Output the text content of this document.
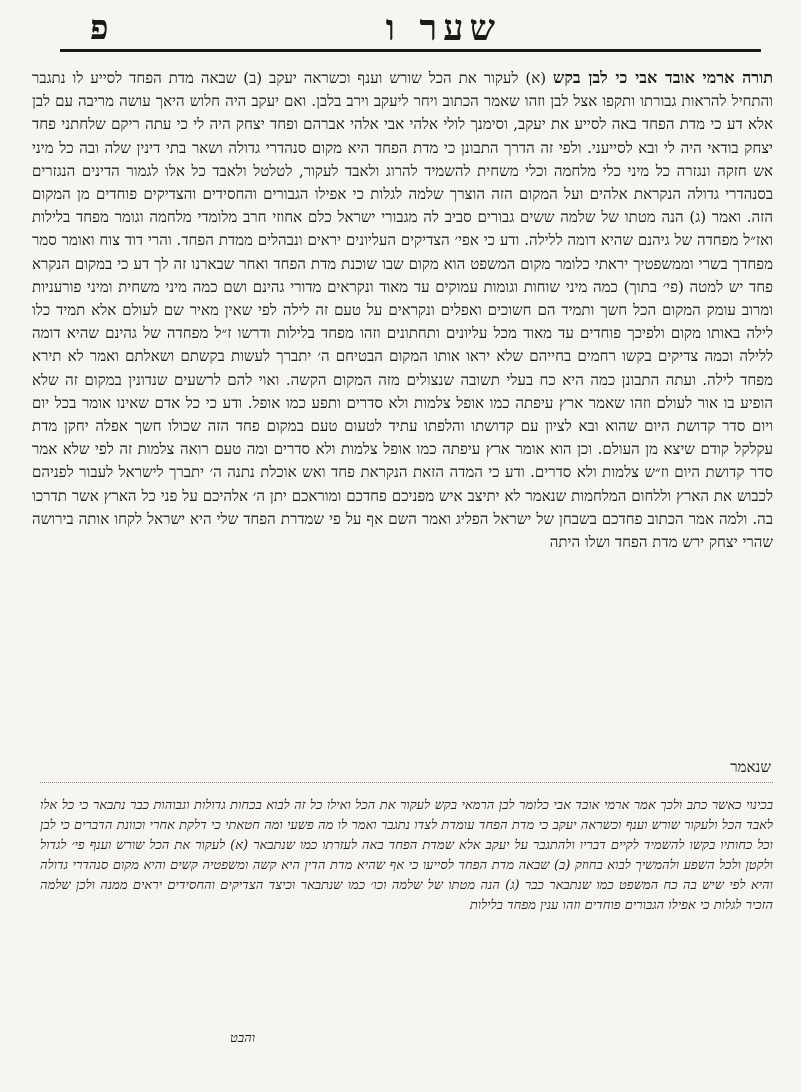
שער ו
פ

תורה ארמי אובד אבי כי לבן בקש (א) לעקור את הכל שורש וענף וכשראה יעקב (ב) שבאה מדת הפחד לסייע לו נתגבר והתחיל להראות גבורתו ותקפו אצל לבן וזהו שאמר הכתוב ויחר ליעקב וירב בלבן. ואם יעקב היה חלוש היאך עושה מריבה עם לבן אלא דע כי מדת הפחד באה לסייע את יעקב, וסימנך לולי אלהי אבי אלהי אברהם ופחד יצחק היה לי כי עתה ריקם שלחתני פחד יצחק בודאי היה לי ובא לסייעני. ולפי זה הדרך התבונן כי מדת הפחד היא מקום סנהדרי גדולה ושאר בתי דינין שלה ובה כל מיני אש חזקה ונגזרה כל מיני כלי מלחמה וכלי משחית להשמיד להרוג ולאבד לעקור, לטלטל ולאבד כל אלו לגמור הדינים הנגזרים בסנהדרי גדולה הנקראת אלהים ועל המקום הזה הוצרך שלמה לגלות כי אפילו הגבורים והחסידים והצדיקים פוחדים מן המקום הזה. ואמר (ג) הנה מטתו של שלמה ששים גבורים סביב לה מגבורי ישראל כלם אחוזי חרב מלומדי מלחמה וגומר מפחד בלילות ואז״ל מפחדה של גיהנם שהיא דומה ללילה. ודע כי אפי׳ הצדיקים העליונים יראים ונבהלים ממדת הפחד. והרי דוד צוח ואומר סמר מפחדך בשרי וממשפטיך יראתי כלומר מקום המשפט הוא מקום שבו שוכנת מדת הפחד ואחר שבארנו זה לך דע כי במקום הנקרא פחד יש למטה (פי׳ בתוך) כמה מיני שוחות וגומות עמוקים עד מאוד ונקראים מדורי גהינם ושם כמה מיני משחית ומיני פורעניות ומרוב עומק המקום הכל חשך ותמיד הם חשוכים ואפלים ונקראים על טעם זה לילה לפי שאין מאיר שם לעולם אלא תמיד כלו לילה באותו מקום ולפיכך פוחדים עד מאוד מכל עליונים ותחתונים וזהו מפחד בלילות ודרשו ז״ל מפחדה של גהינם שהיא דומה ללילה וכמה צדיקים בקשו רחמים בחייהם שלא יראו אותו המקום הבטיחם ה׳ יתברך לעשות בקשתם ושאלתם ואמר לא תירא מפחד לילה. ועתה התבונן כמה היא כח בעלי תשובה שנצולים מזה המקום הקשה. ואוי להם לרשעים שנדונין במקום זה שלא הופיע בו אור לעולם וזהו שאמר ארץ עיפתה כמו אופל צלמות ולא סדרים ותפע כמו אופל. ודע כי כל אדם שאינו אומר בכל יום ויום סדר קדושת היום שהוא ובא לציון עם קדושתו והלפתו עתיד לטעום טעם במקום פחד הזה שכולו חשך אפלה יחקן מדת עקלקל קודם שיצא מן העולם. וכן הוא אומר ארץ עיפתה כמו אופל צלמות ולא סדרים ומה טעם רואה צלמות זה לפי שלא אמר סדר קדושת היום וז״ש צלמות ולא סדרים. ודע כי המדה הזאת הנקראת פחד ואש אוכלת נתנה ה׳ יתברך לישראל לעבור לפניהם לכבוש את הארץ וללחום המלחמות שנאמר לא יתיצב איש מפניכם פחדכם ומוראכם יתן ה׳ אלהיכם על פני כל הארץ אשר תדרכו בה. ולמה אמר הכתוב פחדכם בשבחן של ישראל הפליג ואמר השם אף על פי שמדרת הפחד שלי היא ישראל לקחו אותה בירושה שהרי יצחק ירש מדת הפחד ושלו היתה

שנאמר

בכינוי כאשר כתב ולכך אמר ארמי אובד אבי כלומר לבן הרמאי בקש לעקור את הכל ואילו כל זה לבוא בכחות גדולות וגבוהות כבר נתבאר כי כל אלו לאבד הכל ולעקור שורש וענף וכשראה יעקב כי מדת הפחד עומדת לצדו נתגבר ואמר לו מה פשעי ומה חטאתי כי דלקת אחרי וכוונת הדברים כי לבן וכל כחותיו בקשו להשמיד לקיים דבריו ולהתגבר על יעקב אלא שמדת הפחד באה לעזרתו כמו שנתבאר (א) לעקור את הכל שורש וענף פי׳ לגדול ולקטן ולכל השפע ולהמשיך לבוא בחוזק (ב) שבאה מדת הפחד לסייעו כי אף שהיא מדת הדין היא קשה ומשפטיה קשים והיא מקום סנהדרי גדולה והיא לפי שיש בה כח המשפט כמו שנתבאר כבר (ג) הנה מטתו של שלמה וכו׳ כמו שנתבאר וכיצד הצדיקים והחסידים יראים ממנה ולכן שלמה הזכיר לגלות כי אפילו הגבורים פוחדים וזהו ענין מפחד בלילות

והבט
